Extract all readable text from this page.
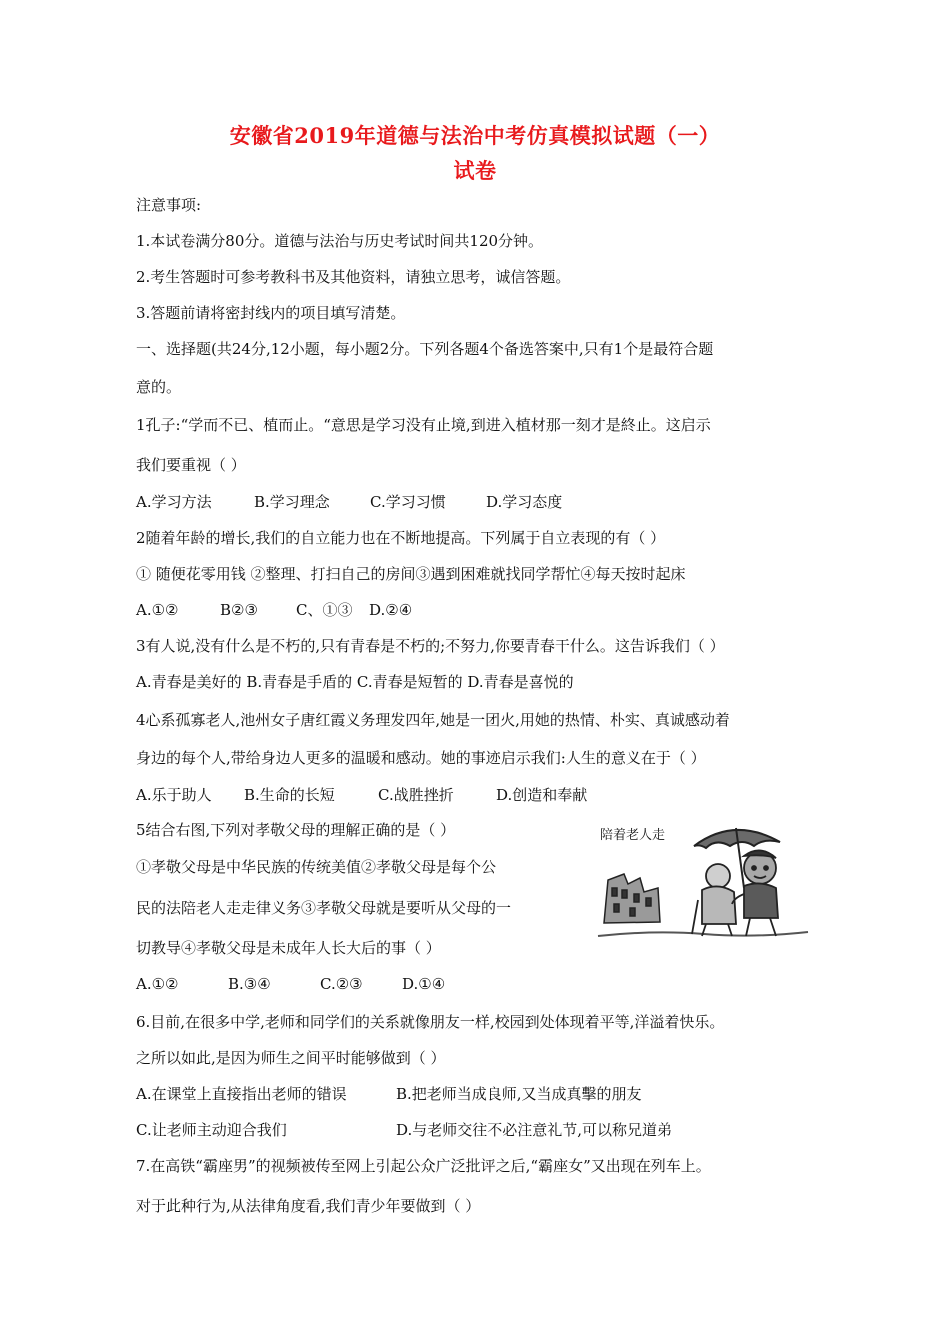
安徽省2019年道德与法治中考仿真模拟试题（一）
试卷
注意事项:
1.本试卷满分80分。道德与法治与历史考试时间共120分钟。
2.考生答题时可参考教科书及其他资料，请独立思考，诚信答题。
3.答题前请将密封线内的项目填写清楚。
一、选择题(共24分,12小题，每小题2分。下列各题4个备选答案中,只有1个是最符合题
意的。
1孔子:“学而不已、植而止。“意思是学习没有止境,到进入植材那一刻才是終止。这启示
我们要重视（ ）
A.学习方法	B.学习理念	C.学习习惯	D.学习态度
2随着年龄的增长,我们的自立能力也在不断地提高。下列属于自立表现的有（ ）
① 随便花零用钱 ②整理、打扫自己的房间③遇到困难就找同学帮忙④每天按时起床
A.①②	B②③	C、①③ D.②④
3有人说,没有什么是不朽的,只有青春是不朽的;不努力,你要青春干什么。这告诉我们（ ）
A.青春是美好的 B.青春是手盾的 C.青春是短暂的 D.青春是喜悦的
4心系孤寡老人,池州女子唐红霞义务理发四年,她是一团火,用她的热情、朴实、真诚感动着
身边的每个人,带给身边人更多的温暖和感动。她的事迹启示我们:人生的意义在于（ ）
A.乐于助人 B.生命的长短	C.战胜挫折	D.创造和奉献
5结合右图,下列对孝敬父母的理解正确的是（ ）
①孝敬父母是中华民族的传统美值②孝敬父母是每个公
民的法陪老人走走律义务③孝敬父母就是要听从父母的一
切教导④孝敬父母是未成年人长大后的事（ ）
A.①②	B.③④	C.②③	D.①④
陪着老人走
6.目前,在很多中学,老师和同学们的关系就像朋友一样,校园到处体现着平等,洋溢着快乐。
之所以如此,是因为师生之间平时能够做到（ ）
A.在课堂上直接指出老师的错误	B.把老师当成良师,又当成真擊的朋友
C.让老师主动迎合我们	D.与老师交往不必注意礼节,可以称兄道弟
7.在高铁“霸座男”的视频被传至网上引起公众广泛批评之后,“霸座女”又出现在列车上。
对于此种行为,从法律角度看,我们青少年要做到（ ）
